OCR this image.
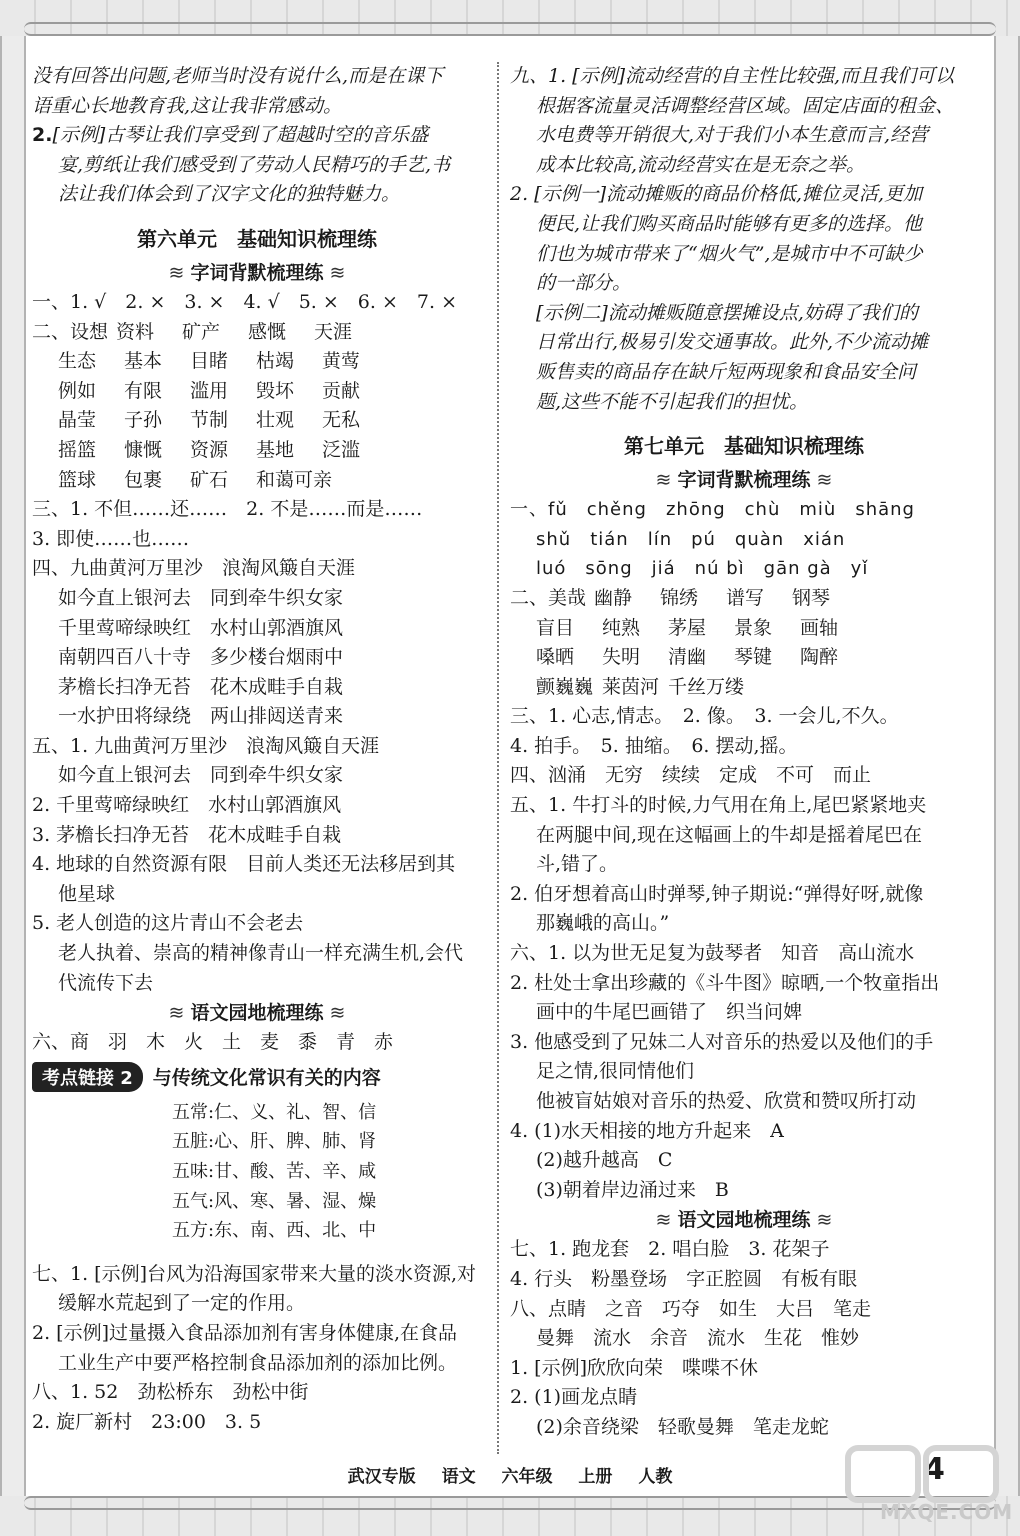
没有回答出问题,老师当时没有说什么,而是在课下
语重心长地教育我,这让我非常感动。
2.[示例]古琴让我们享受到了超越时空的音乐盛
宴,剪纸让我们感受到了劳动人民精巧的手艺,书
法让我们体会到了汉字文化的独特魅力。
第六单元　基础知识梳理练
≋ 字词背默梳理练 ≋
一、1. √　2. ×　3. ×　4. √　5. ×　6. ×　7. ×
二、设想 资料 矿产 感慨 天涯
生态 基本 目睹 枯竭 黄莺
例如 有限 滥用 毁坏 贡献
晶莹 子孙 节制 壮观 无私
摇篮 慷慨 资源 基地 泛滥
篮球 包裹 矿石 和蔼可亲
三、1. 不但……还……　2. 不是……而是……
3. 即使……也……
四、九曲黄河万里沙　浪淘风簸自天涯
如今直上银河去　同到牵牛织女家
千里莺啼绿映红　水村山郭酒旗风
南朝四百八十寺　多少楼台烟雨中
茅檐长扫净无苔　花木成畦手自栽
一水护田将绿绕　两山排闼送青来
五、1. 九曲黄河万里沙　浪淘风簸自天涯
如今直上银河去　同到牵牛织女家
2. 千里莺啼绿映红　水村山郭酒旗风
3. 茅檐长扫净无苔　花木成畦手自栽
4. 地球的自然资源有限　目前人类还无法移居到其
他星球
5. 老人创造的这片青山不会老去
老人执着、崇高的精神像青山一样充满生机,会代
代流传下去
≋ 语文园地梳理练 ≋
六、商　羽　木　火　土　麦　黍　青　赤
考点链接 2	与传统文化常识有关的内容
五常:仁、义、礼、智、信
五脏:心、肝、脾、肺、肾
五味:甘、酸、苦、辛、咸
五气:风、寒、暑、湿、燥
五方:东、南、西、北、中
七、1. [示例]台风为沿海国家带来大量的淡水资源,对
缓解水荒起到了一定的作用。
2. [示例]过量摄入食品添加剂有害身体健康,在食品
工业生产中要严格控制食品添加剂的添加比例。
八、1. 52　劲松桥东　劲松中街
2. 旋厂新村　23:00　3. 5
九、1. [示例]流动经营的自主性比较强,而且我们可以
根据客流量灵活调整经营区域。固定店面的租金、
水电费等开销很大,对于我们小本生意而言,经营
成本比较高,流动经营实在是无奈之举。
2. [示例一]流动摊贩的商品价格低,摊位灵活,更加
便民,让我们购买商品时能够有更多的选择。他
们也为城市带来了“烟火气”,是城市中不可缺少
的一部分。
[示例二]流动摊贩随意摆摊设点,妨碍了我们的
日常出行,极易引发交通事故。此外,不少流动摊
贩售卖的商品存在缺斤短两现象和食品安全问
题,这些不能不引起我们的担忧。
第七单元　基础知识梳理练
≋ 字词背默梳理练 ≋
一、fǔ　chěng　zhōng　chù　miù　shāng
shǔ　tián　lín　pú　quàn　xián
luó　sōng　jiá　nú bì　gān gà　yǐ
二、美哉 幽静 锦绣 谱写 钢琴
盲目 纯熟 茅屋 景象 画轴
嗓晒 失明 清幽 琴键 陶醉
颤巍巍 莱茵河 千丝万缕
三、1. 心志,情志。　2. 像。　3. 一会儿,不久。
4. 拍手。　5. 抽缩。　6. 摆动,摇。
四、汹涌　无穷　续续　定成　不可　而止
五、1. 牛打斗的时候,力气用在角上,尾巴紧紧地夹
在两腿中间,现在这幅画上的牛却是摇着尾巴在
斗,错了。
2. 伯牙想着高山时弹琴,钟子期说:“弹得好呀,就像
那巍峨的高山。”
六、1. 以为世无足复为鼓琴者　知音　高山流水
2. 杜处士拿出珍藏的《斗牛图》晾晒,一个牧童指出
画中的牛尾巴画错了　织当问婢
3. 他感受到了兄妹二人对音乐的热爱以及他们的手
足之情,很同情他们
他被盲姑娘对音乐的热爱、欣赏和赞叹所打动
4. (1)水天相接的地方升起来　A
(2)越升越高　C
(3)朝着岸边涌过来　B
≋ 语文园地梳理练 ≋
七、1. 跑龙套　2. 唱白脸　3. 花架子
4. 行头　粉墨登场　字正腔圆　有板有眼
八、点睛　之音　巧夺　如生　大吕　笔走
曼舞　流水　余音　流水　生花　惟妙
1. [示例]欣欣向荣　喋喋不休
2. (1)画龙点睛
(2)余音绕梁　轻歌曼舞　笔走龙蛇
武汉专版 语文 六年级 上册 人教	4
MXQE.COM
